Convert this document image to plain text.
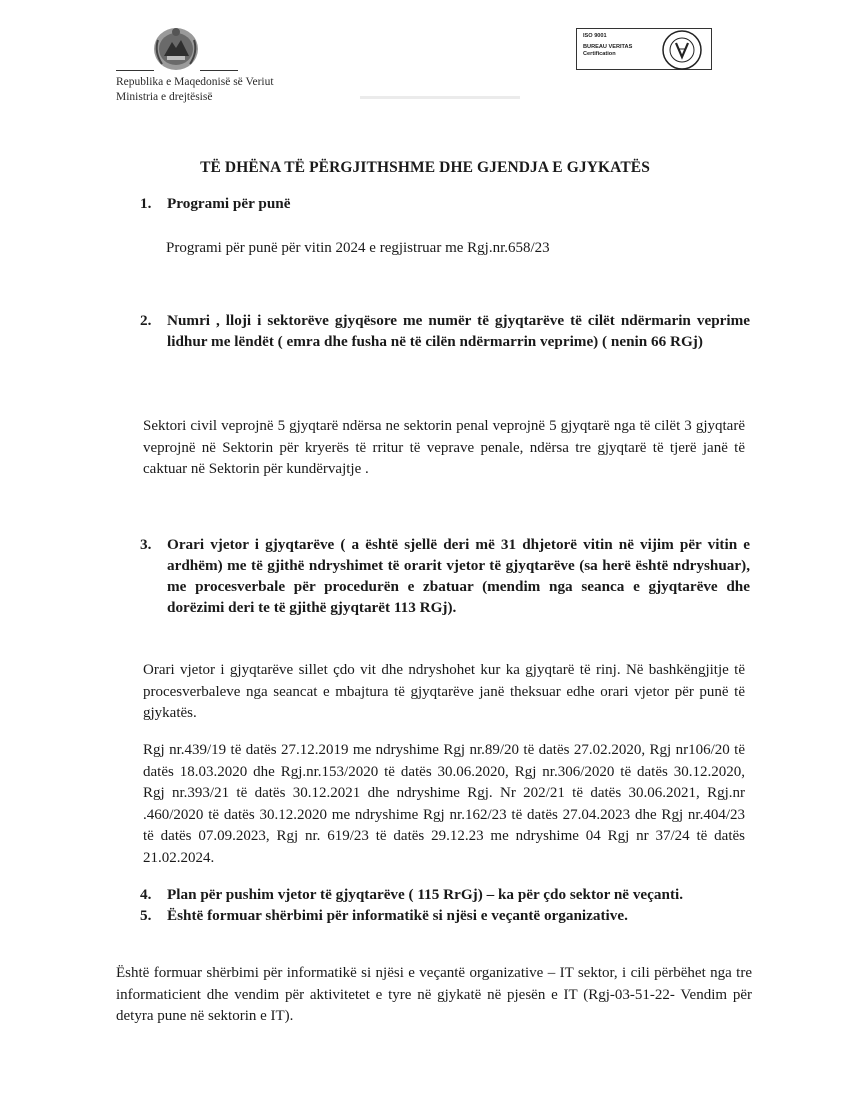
Republika e Maqedonisë së Veriut
Ministria e drejtësisë
ISO 9001
BUREAU VERITAS
Certification
TË DHËNA TË PËRGJITHSHME DHE GJENDJA E GJYKATËS
1. Programi për punë
Programi për punë për vitin 2024 e regjistruar me Rgj.nr.658/23
2. Numri , lloji i sektorëve gjyqësore me numër të gjyqtarëve të cilët ndërmarin veprime lidhur me lëndët ( emra dhe fusha në të cilën ndërmarrin veprime) ( nenin 66 RGj)
Sektori civil veprojnë 5 gjyqtarë ndërsa ne sektorin penal veprojnë 5 gjyqtarë nga të cilët 3 gjyqtarë veprojnë në Sektorin për kryerës të rritur të veprave penale, ndërsa tre gjyqtarë të tjerë janë të caktuar në Sektorin për kundërvajtje .
3. Orari vjetor i gjyqtarëve ( a është sjellë deri më 31 dhjetorë vitin në vijim për vitin e ardhëm) me të gjithë ndryshimet të orarit vjetor të gjyqtarëve (sa herë është ndryshuar), me procesverbale për procedurën e zbatuar (mendim nga seanca e gjyqtarëve dhe dorëzimi deri te të gjithë gjyqtarët 113 RGj).
Orari vjetor i gjyqtarëve sillet çdo vit dhe ndryshohet kur ka gjyqtarë të rinj. Në bashkëngjitje të procesverbaleve nga seancat e mbajtura të gjyqtarëve janë theksuar edhe orari vjetor për punë të gjykatës.
Rgj nr.439/19 të datës 27.12.2019 me ndryshime Rgj nr.89/20 të datës 27.02.2020, Rgj nr106/20 të datës 18.03.2020 dhe Rgj.nr.153/2020 të datës 30.06.2020, Rgj nr.306/2020 të datës 30.12.2020, Rgj nr.393/21 të datës 30.12.2021 dhe ndryshime Rgj. Nr 202/21 të datës 30.06.2021, Rgj.nr .460/2020 të datës 30.12.2020 me ndryshime Rgj nr.162/23 të datës 27.04.2023 dhe Rgj nr.404/23 të datës 07.09.2023, Rgj nr. 619/23 të datës 29.12.23 me ndryshime 04 Rgj nr 37/24 të datës 21.02.2024.
4. Plan për pushim vjetor të gjyqtarëve ( 115 RrGj) – ka për çdo sektor në veçanti.
5. Është formuar shërbimi për informatikë si njësi e veçantë organizative.
Është formuar shërbimi për informatikë si njësi e veçantë organizative – IT sektor, i cili përbëhet nga tre informaticient dhe vendim për aktivitetet e tyre në gjykatë në pjesën e IT (Rgj-03-51-22- Vendim për detyra pune në sektorin e IT).
